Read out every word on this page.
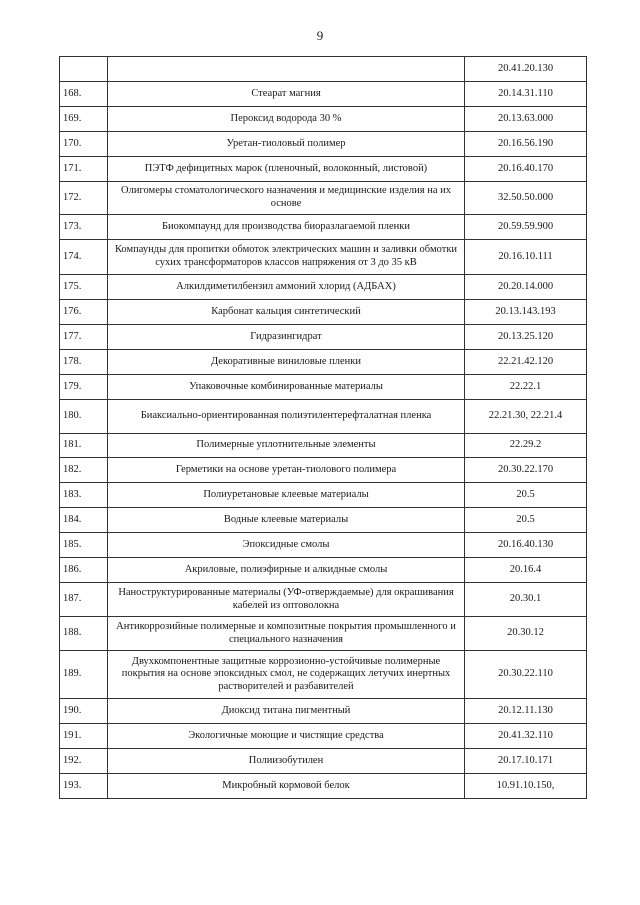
9
		20.41.20.130
168.	Стеарат магния	20.14.31.110
169.	Пероксид водорода 30 %	20.13.63.000
170.	Уретан-тиоловый полимер	20.16.56.190
171.	ПЭТФ дефицитных марок (пленочный, волоконный, листовой)	20.16.40.170
172.	Олигомеры стоматологического назначения и медицинские изделия на их основе	32.50.50.000
173.	Биокомпаунд для производства биоразлагаемой пленки	20.59.59.900
174.	Компаунды для пропитки обмоток электрических машин и заливки обмотки сухих трансформаторов классов напряжения от 3 до 35 кВ	20.16.10.111
175.	Алкилдиметилбензил аммоний хлорид (АДБАХ)	20.20.14.000
176.	Карбонат кальция синтетический	20.13.143.193
177.	Гидразингидрат	20.13.25.120
178.	Декоративные виниловые пленки	22.21.42.120
179.	Упаковочные комбинированные материалы	22.22.1
180.	Биаксиально-ориентированная полиэтилентерефталатная пленка	22.21.30, 22.21.4
181.	Полимерные уплотнительные элементы	22.29.2
182.	Герметики на основе уретан-тиолового полимера	20.30.22.170
183.	Полиуретановые клеевые материалы	20.5
184.	Водные клеевые материалы	20.5
185.	Эпоксидные смолы	20.16.40.130
186.	Акриловые, полиэфирные и алкидные смолы	20.16.4
187.	Наноструктурированные материалы (УФ-отверждаемые) для окрашивания кабелей из оптоволокна	20.30.1
188.	Антикоррозийные полимерные и композитные покрытия промышленного и специального назначения	20.30.12
189.	Двухкомпонентные защитные коррозионно-устойчивые полимерные покрытия на основе эпоксидных смол, не содержащих летучих инертных растворителей и разбавителей	20.30.22.110
190.	Диоксид титана пигментный	20.12.11.130
191.	Экологичные моющие и чистящие средства	20.41.32.110
192.	Полиизобутилен	20.17.10.171
193.	Микробный кормовой белок	10.91.10.150,
